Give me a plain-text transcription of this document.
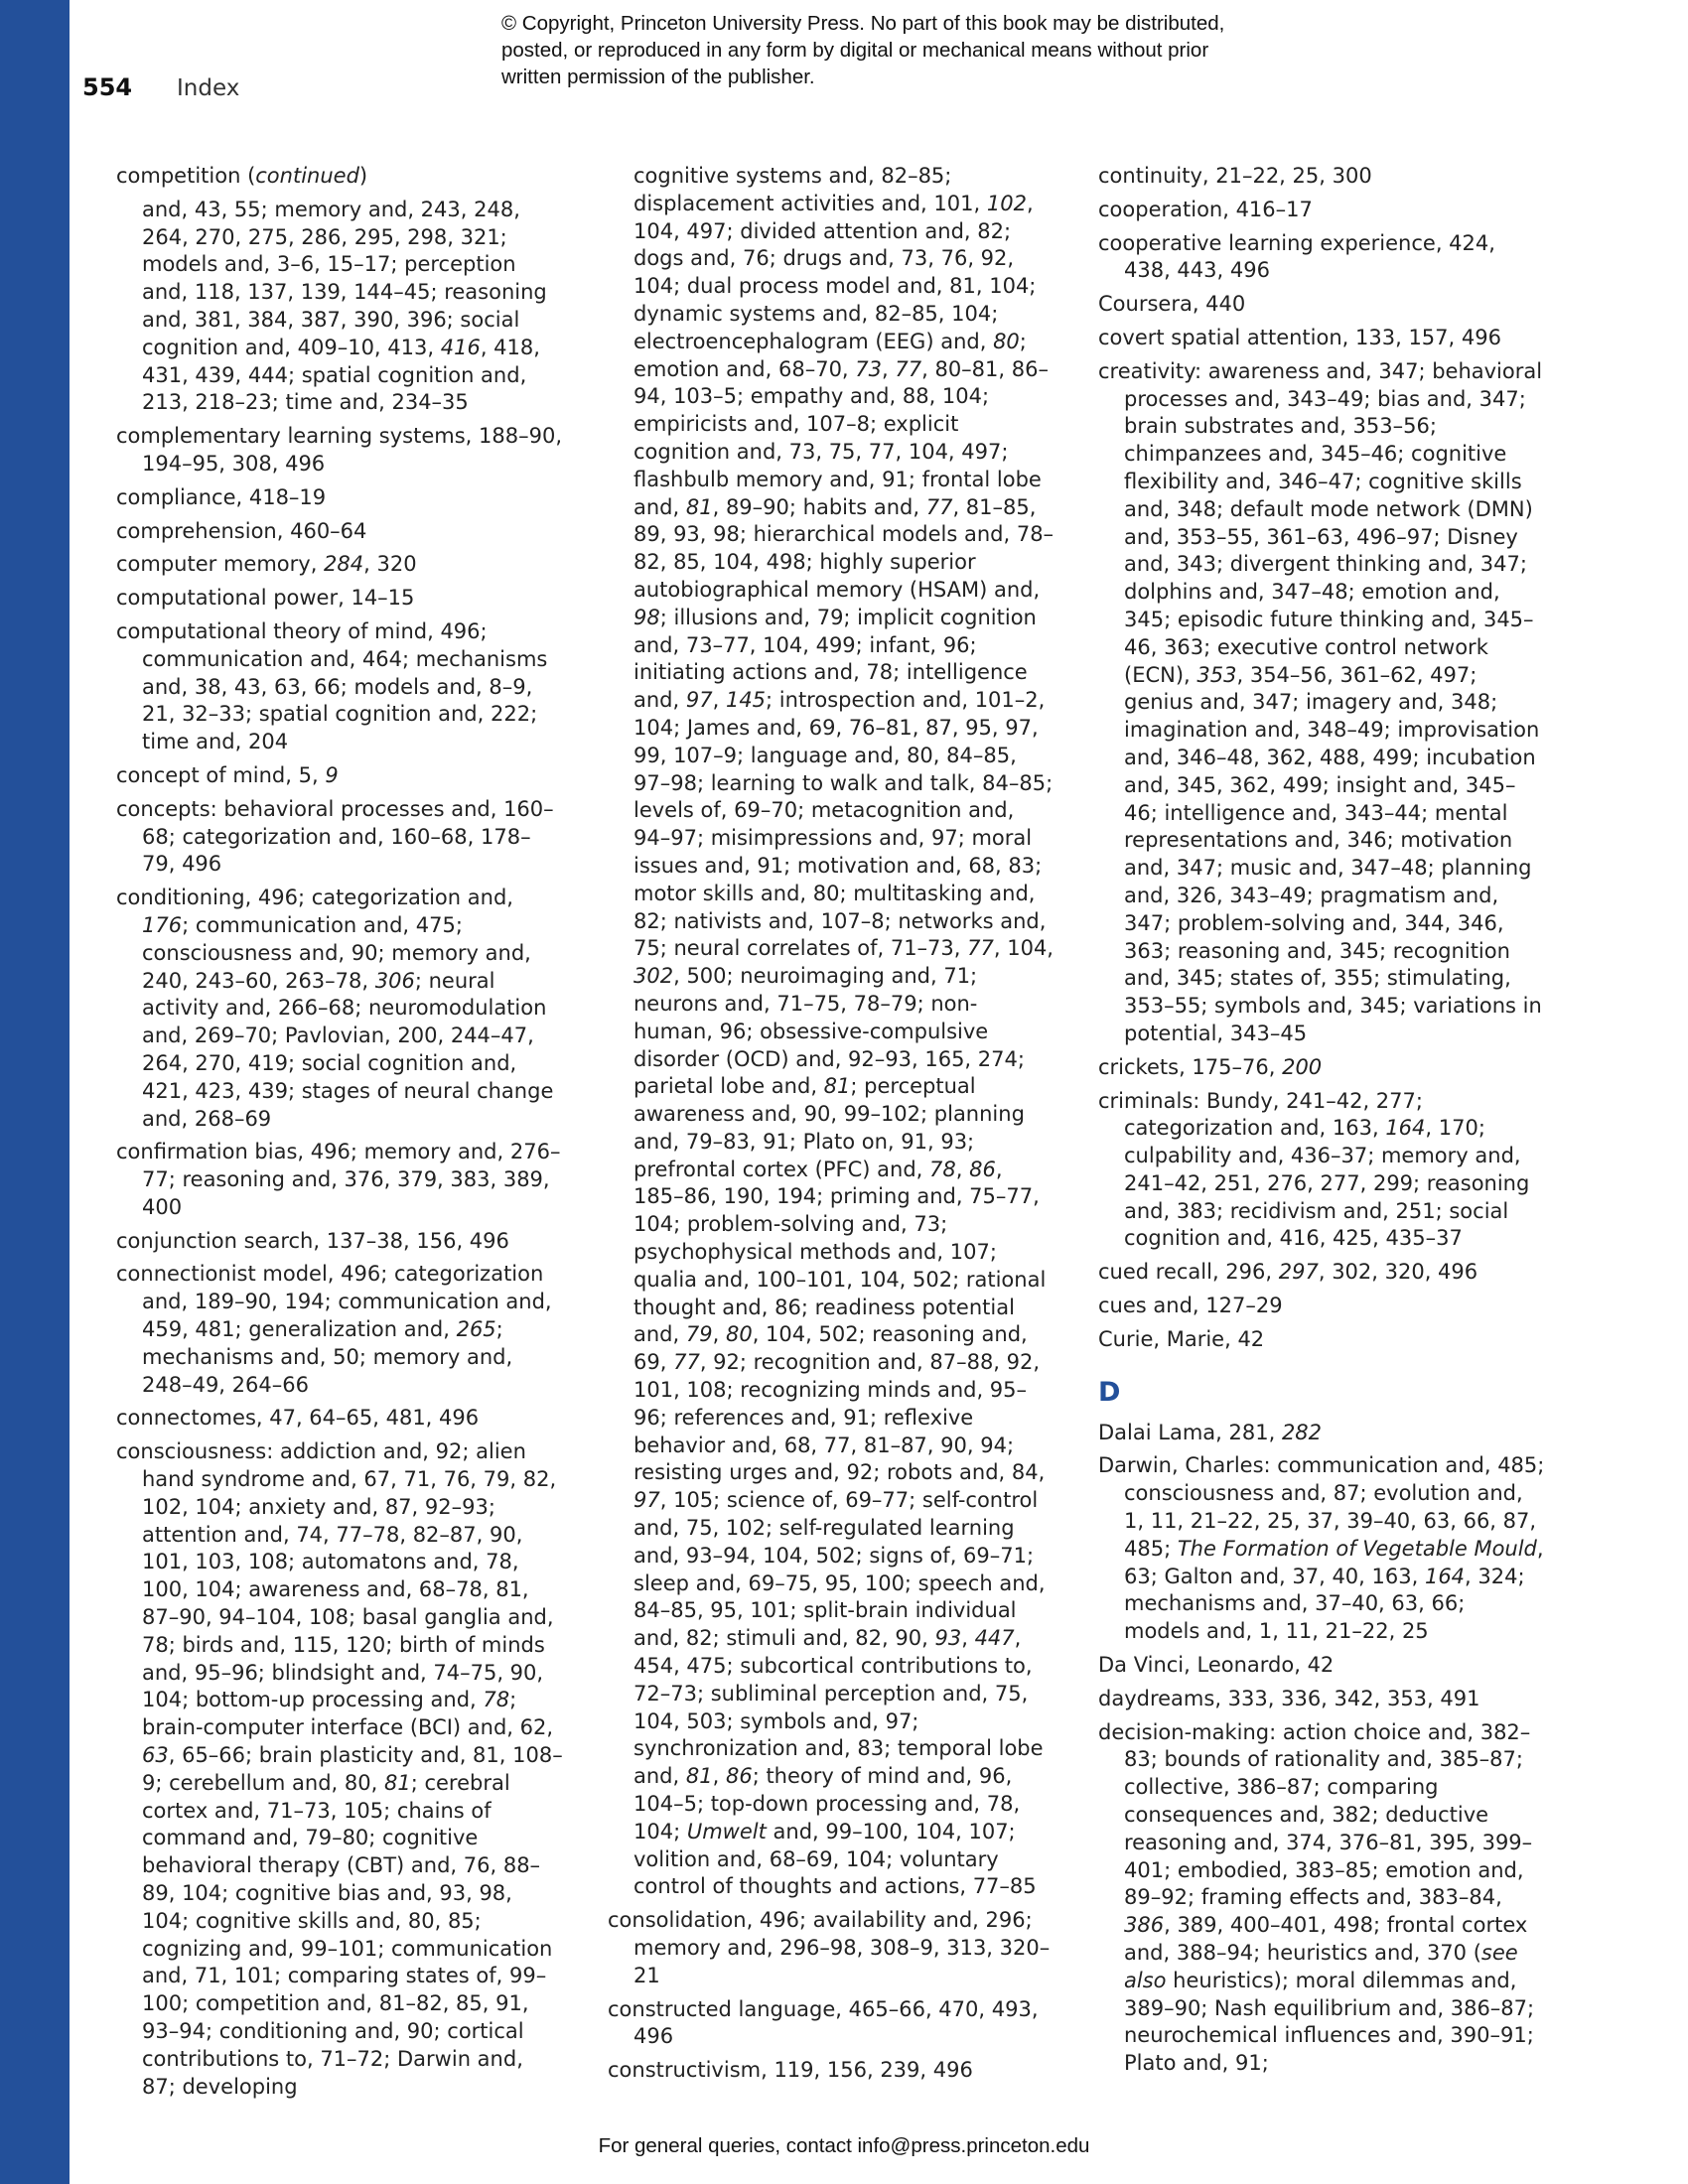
© Copyright, Princeton University Press. No part of this book may be distributed, posted, or reproduced in any form by digital or mechanical means without prior written permission of the publisher.
554 Index
competition (continued)
and, 43, 55; memory and, 243, 248, 264, 270, 275, 286, 295, 298, 321; models and, 3–6, 15–17; perception and, 118, 137, 139, 144–45; reasoning and, 381, 384, 387, 390, 396; social cognition and, 409–10, 413, 416, 418, 431, 439, 444; spatial cognition and, 213, 218–23; time and, 234–35
complementary learning systems, 188–90, 194–95, 308, 496
compliance, 418–19
comprehension, 460–64
computer memory, 284, 320
computational power, 14–15
computational theory of mind, 496; communication and, 464; mechanisms and, 38, 43, 63, 66; models and, 8–9, 21, 32–33; spatial cognition and, 222; time and, 204
concept of mind, 5, 9
concepts: behavioral processes and, 160–68; categorization and, 160–68, 178–79, 496
conditioning, 496; categorization and, 176; communication and, 475; consciousness and, 90; memory and, 240, 243–60, 263–78, 306; neural activity and, 266–68; neuromodulation and, 269–70; Pavlovian, 200, 244–47, 264, 270, 419; social cognition and, 421, 423, 439; stages of neural change and, 268–69
confirmation bias, 496; memory and, 276–77; reasoning and, 376, 379, 383, 389, 400
conjunction search, 137–38, 156, 496
connectionist model, 496; categorization and, 189–90, 194; communication and, 459, 481; generalization and, 265; mechanisms and, 50; memory and, 248–49, 264–66
connectomes, 47, 64–65, 481, 496
consciousness: addiction and, 92; alien hand syndrome and, 67, 71, 76, 79, 82, 102, 104; anxiety and, 87, 92–93; attention and, 74, 77–78, 82–87, 90, 101, 103, 108; automatons and, 78, 100, 104; awareness and, 68–78, 81, 87–90, 94–104, 108; basal ganglia and, 78; birds and, 115, 120; birth of minds and, 95–96; blindsight and, 74–75, 90, 104; bottom-up processing and, 78; brain-computer interface (BCI) and, 62, 63, 65–66; brain plasticity and, 81, 108–9; cerebellum and, 80, 81; cerebral cortex and, 71–73, 105; chains of command and, 79–80; cognitive behavioral therapy (CBT) and, 76, 88–89, 104; cognitive bias and, 93, 98, 104; cognitive skills and, 80, 85; cognizing and, 99–101; communication and, 71, 101; comparing states of, 99–100; competition and, 81–82, 85, 91, 93–94; conditioning and, 90; cortical contributions to, 71–72; Darwin and, 87; developing
cognitive systems and, 82–85; displacement activities and, 101, 102, 104, 497; divided attention and, 82; dogs and, 76; drugs and, 73, 76, 92, 104; dual process model and, 81, 104; dynamic systems and, 82–85, 104; electroencephalogram (EEG) and, 80; emotion and, 68–70, 73, 77, 80–81, 86–94, 103–5; empathy and, 88, 104; empiricists and, 107–8; explicit cognition and, 73, 75, 77, 104, 497; flashbulb memory and, 91; frontal lobe and, 81, 89–90; habits and, 77, 81–85, 89, 93, 98; hierarchical models and, 78–82, 85, 104, 498; highly superior autobiographical memory (HSAM) and, 98; illusions and, 79; implicit cognition and, 73–77, 104, 499; infant, 96; initiating actions and, 78; intelligence and, 97, 145; introspection and, 101–2, 104; James and, 69, 76–81, 87, 95, 97, 99, 107–9; language and, 80, 84–85, 97–98; learning to walk and talk, 84–85; levels of, 69–70; metacognition and, 94–97; misimpressions and, 97; moral issues and, 91; motivation and, 68, 83; motor skills and, 80; multitasking and, 82; nativists and, 107–8; networks and, 75; neural correlates of, 71–73, 77, 104, 302, 500; neuroimaging and, 71; neurons and, 71–75, 78–79; non-human, 96; obsessive-compulsive disorder (OCD) and, 92–93, 165, 274; parietal lobe and, 81; perceptual awareness and, 90, 99–102; planning and, 79–83, 91; Plato on, 91, 93; prefrontal cortex (PFC) and, 78, 86, 185–86, 190, 194; priming and, 75–77, 104; problem-solving and, 73; psychophysical methods and, 107; qualia and, 100–101, 104, 502; rational thought and, 86; readiness potential and, 79, 80, 104, 502; reasoning and, 69, 77, 92; recognition and, 87–88, 92, 101, 108; recognizing minds and, 95–96; references and, 91; reflexive behavior and, 68, 77, 81–87, 90, 94; resisting urges and, 92; robots and, 84, 97, 105; science of, 69–77; self-control and, 75, 102; self-regulated learning and, 93–94, 104, 502; signs of, 69–71; sleep and, 69–75, 95, 100; speech and, 84–85, 95, 101; split-brain individual and, 82; stimuli and, 82, 90, 93, 447, 454, 475; subcortical contributions to, 72–73; subliminal perception and, 75, 104, 503; symbols and, 97; synchronization and, 83; temporal lobe and, 81, 86; theory of mind and, 96, 104–5; top-down processing and, 78, 104; Umwelt and, 99–100, 104, 107; volition and, 68–69, 104; voluntary control of thoughts and actions, 77–85
consolidation, 496; availability and, 296; memory and, 296–98, 308–9, 313, 320–21
constructed language, 465–66, 470, 493, 496
constructivism, 119, 156, 239, 496
continuity, 21–22, 25, 300
cooperation, 416–17
cooperative learning experience, 424, 438, 443, 496
Coursera, 440
covert spatial attention, 133, 157, 496
creativity: awareness and, 347; behavioral processes and, 343–49; bias and, 347; brain substrates and, 353–56; chimpanzees and, 345–46; cognitive flexibility and, 346–47; cognitive skills and, 348; default mode network (DMN) and, 353–55, 361–63, 496–97; Disney and, 343; divergent thinking and, 347; dolphins and, 347–48; emotion and, 345; episodic future thinking and, 345–46, 363; executive control network (ECN), 353, 354–56, 361–62, 497; genius and, 347; imagery and, 348; imagination and, 348–49; improvisation and, 346–48, 362, 488, 499; incubation and, 345, 362, 499; insight and, 345–46; intelligence and, 343–44; mental representations and, 346; motivation and, 347; music and, 347–48; planning and, 326, 343–49; pragmatism and, 347; problem-solving and, 344, 346, 363; reasoning and, 345; recognition and, 345; states of, 355; stimulating, 353–55; symbols and, 345; variations in potential, 343–45
crickets, 175–76, 200
criminals: Bundy, 241–42, 277; categorization and, 163, 164, 170; culpability and, 436–37; memory and, 241–42, 251, 276, 277, 299; reasoning and, 383; recidivism and, 251; social cognition and, 416, 425, 435–37
cued recall, 296, 297, 302, 320, 496
cues and, 127–29
Curie, Marie, 42
D
Dalai Lama, 281, 282
Darwin, Charles: communication and, 485; consciousness and, 87; evolution and, 1, 11, 21–22, 25, 37, 39–40, 63, 66, 87, 485; The Formation of Vegetable Mould, 63; Galton and, 37, 40, 163, 164, 324; mechanisms and, 37–40, 63, 66; models and, 1, 11, 21–22, 25
Da Vinci, Leonardo, 42
daydreams, 333, 336, 342, 353, 491
decision-making: action choice and, 382–83; bounds of rationality and, 385–87; collective, 386–87; comparing consequences and, 382; deductive reasoning and, 374, 376–81, 395, 399–401; embodied, 383–85; emotion and, 89–92; framing effects and, 383–84, 386, 389, 400–401, 498; frontal cortex and, 388–94; heuristics and, 370 (see also heuristics); moral dilemmas and, 389–90; Nash equilibrium and, 386–87; neurochemical influences and, 390–91; Plato and, 91;
For general queries, contact info@press.princeton.edu
